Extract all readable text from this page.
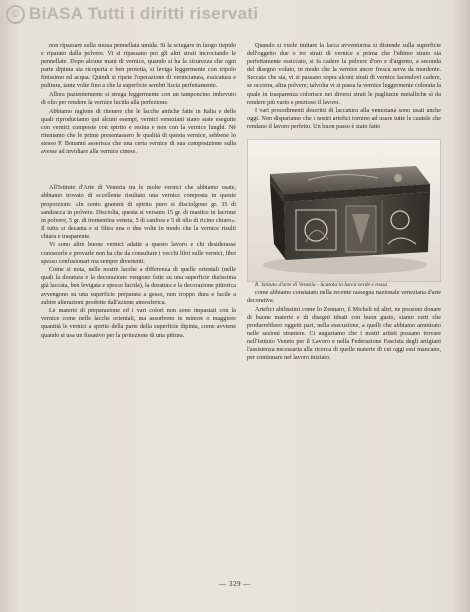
© BiASA Tutti i diritti riservati

non ripassare sulla stessa pennellata umida. Si la sciugare in luogo tiepido e riparato dalla polvere. Vi si ripassano poi gli altri strati incrociando le pennellate. Dopo alcune mani di vernice, quando si ha la sicurezza che ogni parte dipinta sia ricoperta e ben protetta, si leviga leggermente con tripolo finissimo ed acqua. Quindi si ripete l'operazione di verniciatura, essicatura e pulitura, tante volte fino a che la superficie sembri liscia perfettamente.

Allora pazientemente si strega leggermente con un tamponcino imbevuto di olio per rendere la vernice lucida alla perfezione.

Abbiamo ragione di ritenere che le lacche antiche fatte in Italia e delle quali riproduciamo qui alcuni esempi, vernici veneziani siano state eseguite con vernici composte con spirito e resina e non con la vernice lunghi. Nè riteniamo che le prime presentassero le qualità di questa vernice, sebbene lo stesso P. Bonanni asserisca che una certa vernice di sua composizione sulla avesse ad invidiare alla vernice cinese.

All'Istituto d'Arte di Venezia tra le molte vernici che abbiamo usate, abbiamo trovato di eccellente risultato una vernice composta in queste proporzioni: «In cento grammi di spirito puro si disciolgono gr. 35 di sandracca in polvere. Disciolta, questa si versano 15 gr. di mastice in lacrime in polvere, 5 gr. di trementina veneta, 5 di canfora e 5 di olio di ricino chiaro». Il tutto si decanta e si filtra una o due volte in modo che la vernice risulti chiara e trasparente.

Vi sono altre buone vernici adatte a questo lavoro e chi desiderasse conoscerle e provarle non ha che da consultare i vecchi libri sulle vernici, libri spesso confusionari ma sempre divertenti.

Come si nota, nelle nostre lacche a differenza di quelle orientali (nelle quali la doratura e la decorazione vengono fatte su una superficie durissima già laccata, ben levigata e spesso lucida), la doratura e la decorazione pittorica avvengono su una superficie preparata a gesso, non troppo dura e facile a subire alterazioni prodotte dall'azione atmosferica.

Le materie di preparazione ed i vari colori non sono impastati con la vernice come nelle lacche orientali, ma assorbono in minore o maggiore quantità le vernici a spirito della parte della superficie dipinta, come avviene quando si usa un fissativo per la protezione di una pittura.

Quando si vuole imitare la lacca avventurina si distende sulla superficie dell'oggetto due o tre strati di vernice e prima che l'ultimo strato sia perfettamente essiccato, si fa cadere la polvere d'oro e d'argento, a seconda del disegno voluto, in modo che la vernice ancor fresca serva da mordente. Seccata che sia, vi si passano sopra alcuni strati di vernice facendovi cadere, se occorra, altra polvere; talvolta vi si passa la vernice leggermente colorata la quale in trasparenza colorisce nei diversi strati le pagliuzze metalliche sì da rendere più vario e prezioso il lavoro.

I vari procedimenti descritti di laccatura alla veneziana sono usati anche oggi. Non dispariamo che i nostri artefici tornino ad usare tutte le cautele che rendano il lavoro perfetto. Un buon passo è stato fatto

R. Istituto d'arte di Venezia - Scatola in lacca verde e rossa

come abbiamo constatato nella recente rassegna nazionale veneziana d'arte decorativa.

Artefici abilissimi come lo Zennaro, il Micheli ed altri, ne possono donare di buone materie e di disegni ideati con buon gusto, siamo certi che produrrebbero oggetti pari, nella esecuzione, a quelli che abbiamo ammirato nelle sezioni straniere. Ci auguriamo che i nostri artisti possano trovare nell'Istituto Veneto per il Lavoro e nella Federazione Fascista degli artigiani l'assistenza necessaria alla ricerca di quelle materie di cui oggi essi mancano, per continuare nel lavoro iniziato.

— 329 —
